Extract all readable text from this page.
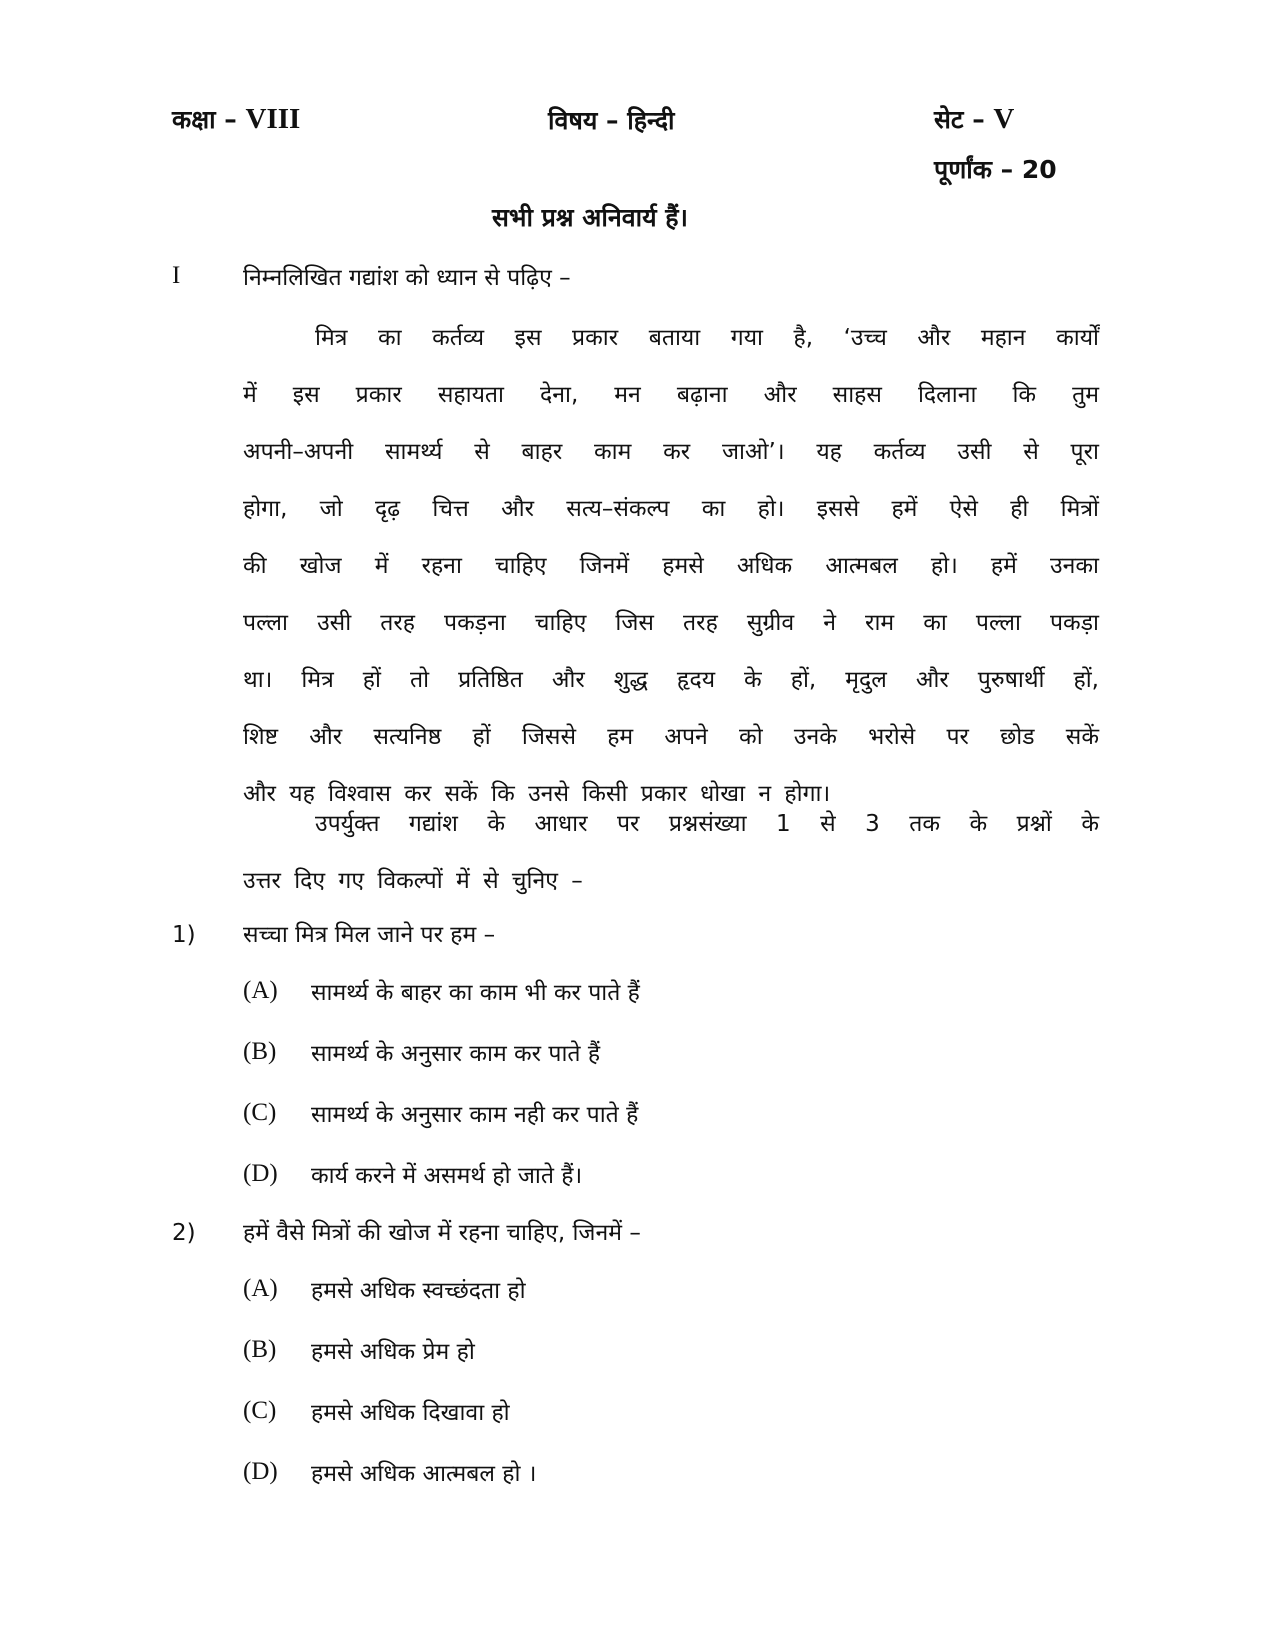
कक्षा – VIII	विषय – हिन्दी	सेट – V
पूर्णांक – 20
सभी प्रश्न अनिवार्य हैं।
I	निम्नलिखित गद्यांश को ध्यान से पढ़िए –
मित्र का कर्तव्य इस प्रकार बताया गया है, ‘उच्च और महान कार्यों
में इस प्रकार सहायता देना, मन बढ़ाना और साहस दिलाना कि तुम
अपनी–अपनी सामर्थ्य से बाहर काम कर जाओ’। यह कर्तव्य उसी से पूरा
होगा, जो दृढ़ चित्त और सत्य–संकल्प का हो। इससे हमें ऐसे ही मित्रों
की खोज में रहना चाहिए जिनमें हमसे अधिक आत्मबल हो। हमें उनका
पल्ला उसी तरह पकड़ना चाहिए जिस तरह सुग्रीव ने राम का पल्ला पकड़ा
था। मित्र हों तो प्रतिष्ठित और शुद्ध हृदय के हों, मृदुल और पुरुषार्थी हों,
शिष्ट और सत्यनिष्ठ हों जिससे हम अपने को उनके भरोसे पर छोड सकें
और यह विश्वास कर सकें कि उनसे किसी प्रकार धोखा न होगा।
उपर्युक्त गद्यांश के आधार पर प्रश्नसंख्या 1 से 3 तक के प्रश्नों के
उत्तर दिए गए विकल्पों में से चुनिए –
1) सच्चा मित्र मिल जाने पर हम –
(A) सामर्थ्य के बाहर का काम भी कर पाते हैं
(B) सामर्थ्य के अनुसार काम कर पाते हैं
(C) सामर्थ्य के अनुसार काम नही कर पाते हैं
(D) कार्य करने में असमर्थ हो जाते हैं।
2) हमें वैसे मित्रों की खोज में रहना चाहिए, जिनमें –
(A) हमसे अधिक स्वच्छंदता हो
(B) हमसे अधिक प्रेम हो
(C) हमसे अधिक दिखावा हो
(D) हमसे अधिक आत्मबल हो ।
